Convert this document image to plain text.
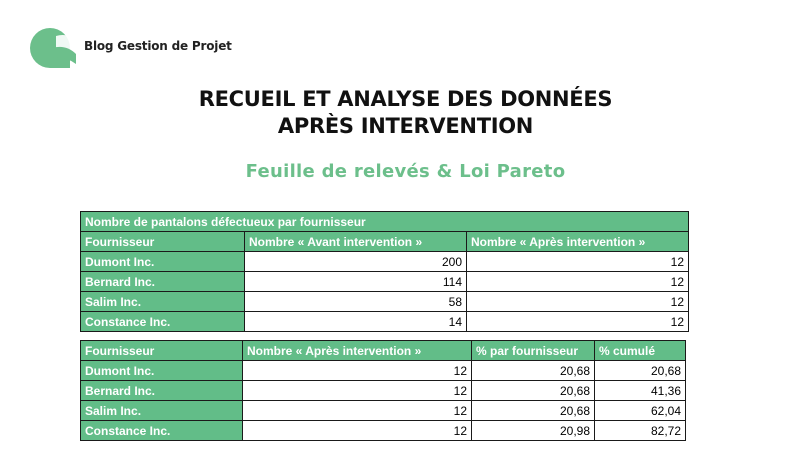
Blog Gestion de Projet
RECUEIL ET ANALYSE DES DONNÉES
APRÈS INTERVENTION
Feuille de relevés & Loi Pareto
Nombre de pantalons défectueux par fournisseur		
Fournisseur	Nombre « Avant intervention »	Nombre « Après intervention »
Dumont Inc.	200	12
Bernard Inc.	114	12
Salim Inc.	58	12
Constance Inc.	14	12
Fournisseur	Nombre « Après intervention »	% par fournisseur	% cumulé
Dumont Inc.	12	20,68	20,68
Bernard Inc.	12	20,68	41,36
Salim Inc.	12	20,68	62,04
Constance Inc.	12	20,98	82,72
